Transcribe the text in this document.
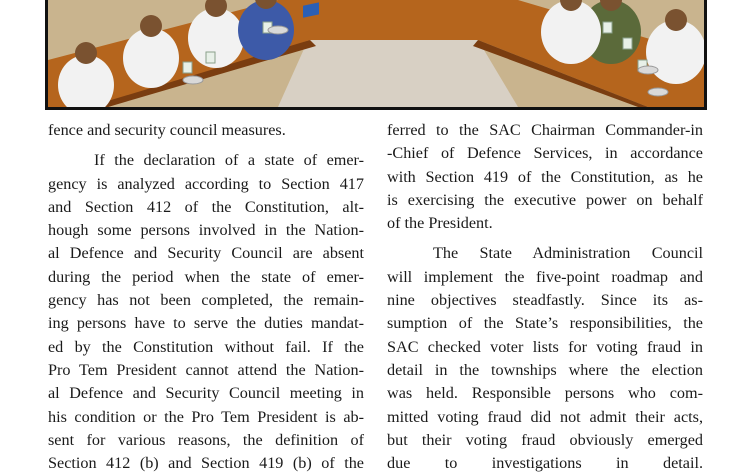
fence and security council measures.

If the declaration of a state of emer-
gency is analyzed according to Section 417
and Section 412 of the Constitution, alt-
hough some persons involved in the Nation-
al Defence and Security Council are absent
during the period when the state of emer-
gency has not been completed, the remain-
ing persons have to serve the duties mandat-
ed by the Constitution without fail. If the
Pro Tem President cannot attend the Nation-
al Defence and Security Council meeting in
his condition or the Pro Tem President is ab-
sent for various reasons, the definition of
Section 412 (b) and Section 419 (b) of the

ferred to the SAC Chairman Commander-in
-Chief of Defence Services, in accordance
with Section 419 of the Constitution, as he
is exercising the executive power on behalf
of the President.

The State Administration Council
will implement the five-point roadmap and
nine objectives steadfastly. Since its as-
sumption of the State’s responsibilities, the
SAC checked voter lists for voting fraud in
detail in the townships where the election
was held. Responsible persons who com-
mitted voting fraud did not admit their acts,
but their voting fraud obviously emerged
due to investigations in detail.
